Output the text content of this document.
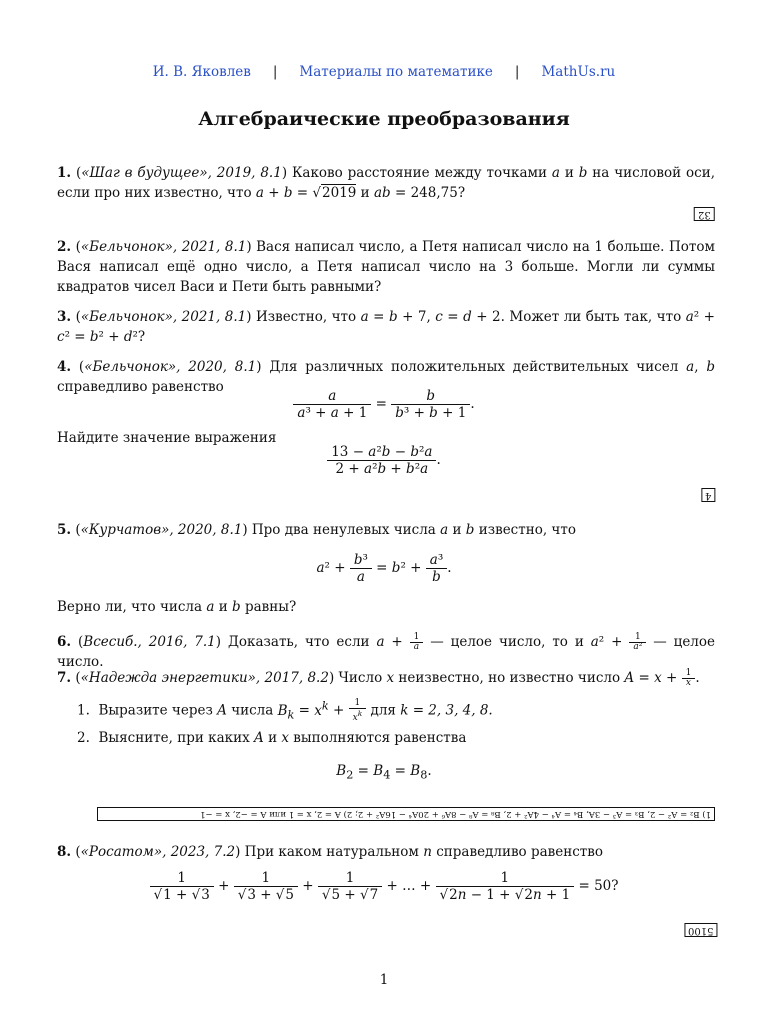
И. В. Яковлев | Материалы по математике | MathUs.ru
Алгебраические преобразования
1. («Шаг в будущее», 2019, 8.1) Каково расстояние между точками a и b на числовой оси, если про них известно, что a + b = √2019 и ab = 248,75?
32
2. («Бельчонок», 2021, 8.1) Вася написал число, а Петя написал число на 1 больше. Потом Вася написал ещё одно число, а Петя написал число на 3 больше. Могли ли суммы квадратов чисел Васи и Пети быть равными?
3. («Бельчонок», 2021, 8.1) Известно, что a = b + 7, c = d + 2. Может ли быть так, что a² + c² = b² + d²?
4. («Бельчонок», 2020, 8.1) Для различных положительных действительных чисел a, b справедливо равенство
$\frac{a}{\text{a³ + a + 1}} = \frac{b}{\text{b³ + b + 1}}$ .
Найдите значение выражения
$\frac{\text{13 − a²b − b²a}}{\text{2 + a²b + b²a}}$ .
4
5. («Курчатов», 2020, 8.1) Про два ненулевых числа a и b известно, что
$a^2 + \frac{\text{b³}}{a} = b^2 + \frac{\text{a³}}{b}$ .
Верно ли, что числа a и b равны?
6. (Всесиб., 2016, 7.1) Доказать, что если $a + \frac{1}{a}$ — целое число, то и $a^2 + \frac{1}{\text{a²}}$ — целое число.
7. («Надежда энергетики», 2017, 8.2) Число x неизвестно, но известно число $A = x + \frac{1}{x}$ .
1.  Выразите через A числа $B_k = x^k + \frac{1}{x^k}$ для k = 2, 3, 4, 8.
2.  Выясните, при каких A и x выполняются равенства
$B_2 = B_4 = B_8$.
1) B₂ = A² − 2, B₃ = A³ − 3A, B₄ = A⁴ − 4A² + 2, B₈ = A⁸ − 8A⁶ + 20A⁴ − 16A² + 2; 2) A = 2, x = 1 или A = −2, x = −1
8. («Росатом», 2023, 7.2) При каком натуральном n справедливо равенство
$\frac{1}{√1 + √3} + \frac{1}{√3 + √5} + \frac{1}{√5 + √7}$ + … + $\frac{1}{√2n - 1 + √2n + 1} = 50$?
5100
1
